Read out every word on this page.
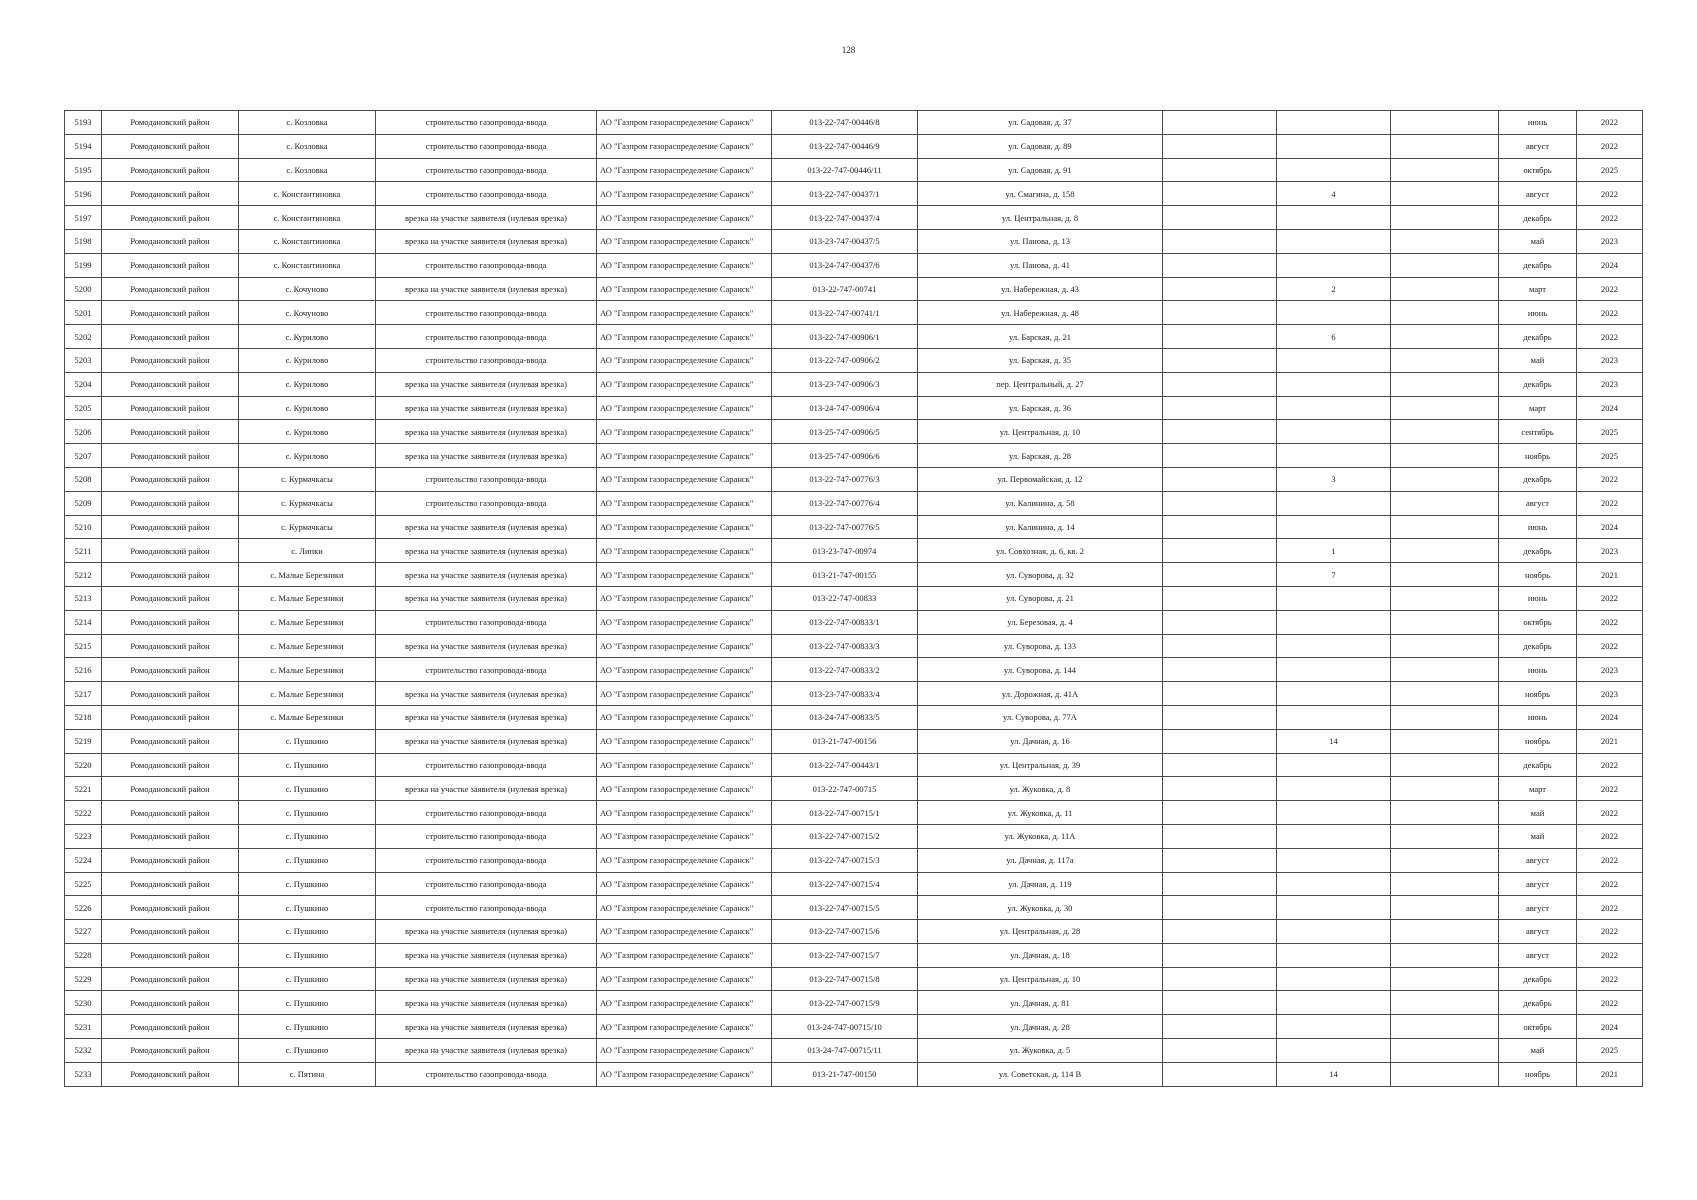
128
5193	Ромодановский район	с. Козловка	строительство газопровода-ввода	АО "Газпром газораспределение Саранск"	013-22-747-00446/8	ул. Садовая, д. 37				июнь	2022
5194	Ромодановский район	с. Козловка	строительство газопровода-ввода	АО "Газпром газораспределение Саранск"	013-22-747-00446/9	ул. Садовая, д. 89				август	2022
5195	Ромодановский район	с. Козловка	строительство газопровода-ввода	АО "Газпром газораспределение Саранск"	013-22-747-00446/11	ул. Садовая, д. 91				октябрь	2025
5196	Ромодановский район	с. Константиновка	строительство газопровода-ввода	АО "Газпром газораспределение Саранск"	013-22-747-00437/1	ул. Смагина, д. 158		4		август	2022
5197	Ромодановский район	с. Константиновка	врезка на участке заявителя (нулевая врезка)	АО "Газпром газораспределение Саранск"	013-22-747-00437/4	ул. Центральная, д. 8				декабрь	2022
5198	Ромодановский район	с. Константиновка	врезка на участке заявителя (нулевая врезка)	АО "Газпром газораспределение Саранск"	013-23-747-00437/5	ул. Панова, д. 13				май	2023
5199	Ромодановский район	с. Константиновка	строительство газопровода-ввода	АО "Газпром газораспределение Саранск"	013-24-747-00437/6	ул. Панова, д. 41				декабрь	2024
5200	Ромодановский район	с. Кочуново	врезка на участке заявителя (нулевая врезка)	АО "Газпром газораспределение Саранск"	013-22-747-00741	ул. Набережная, д. 43		2		март	2022
5201	Ромодановский район	с. Кочуново	строительство газопровода-ввода	АО "Газпром газораспределение Саранск"	013-22-747-00741/1	ул. Набережная, д. 48				июнь	2022
5202	Ромодановский район	с. Курилово	строительство газопровода-ввода	АО "Газпром газораспределение Саранск"	013-22-747-00906/1	ул. Барская, д. 21		6		декабрь	2022
5203	Ромодановский район	с. Курилово	строительство газопровода-ввода	АО "Газпром газораспределение Саранск"	013-22-747-00906/2	ул. Барская, д. 35				май	2023
5204	Ромодановский район	с. Курилово	врезка на участке заявителя (нулевая врезка)	АО "Газпром газораспределение Саранск"	013-23-747-00906/3	пер. Центральный, д. 27				декабрь	2023
5205	Ромодановский район	с. Курилово	врезка на участке заявителя (нулевая врезка)	АО "Газпром газораспределение Саранск"	013-24-747-00906/4	ул. Барская, д. 36				март	2024
5206	Ромодановский район	с. Курилово	врезка на участке заявителя (нулевая врезка)	АО "Газпром газораспределение Саранск"	013-25-747-00906/5	ул. Центральная, д. 10				сентябрь	2025
5207	Ромодановский район	с. Курилово	врезка на участке заявителя (нулевая врезка)	АО "Газпром газораспределение Саранск"	013-25-747-00906/6	ул. Барская, д. 28				ноябрь	2025
5208	Ромодановский район	с. Курмачкасы	строительство газопровода-ввода	АО "Газпром газораспределение Саранск"	013-22-747-00776/3	ул. Первомайская, д. 12		3		декабрь	2022
5209	Ромодановский район	с. Курмачкасы	строительство газопровода-ввода	АО "Газпром газораспределение Саранск"	013-22-747-00776/4	ул. Калинина, д. 58				август	2022
5210	Ромодановский район	с. Курмачкасы	врезка на участке заявителя (нулевая врезка)	АО "Газпром газораспределение Саранск"	013-22-747-00776/5	ул. Калинина, д. 14				июнь	2024
5211	Ромодановский район	с. Липки	врезка на участке заявителя (нулевая врезка)	АО "Газпром газораспределение Саранск"	013-23-747-00974	ул. Совхозная, д. 6, кв. 2		1		декабрь	2023
5212	Ромодановский район	с. Малые Березники	врезка на участке заявителя (нулевая врезка)	АО "Газпром газораспределение Саранск"	013-21-747-00155	ул. Суворова, д. 32		7		ноябрь	2021
5213	Ромодановский район	с. Малые Березники	врезка на участке заявителя (нулевая врезка)	АО "Газпром газораспределение Саранск"	013-22-747-00833	ул. Суворова, д. 21				июнь	2022
5214	Ромодановский район	с. Малые Березники	строительство газопровода-ввода	АО "Газпром газораспределение Саранск"	013-22-747-00833/1	ул. Березовая, д. 4				октябрь	2022
5215	Ромодановский район	с. Малые Березники	врезка на участке заявителя (нулевая врезка)	АО "Газпром газораспределение Саранск"	013-22-747-00833/3	ул. Суворова, д. 133				декабрь	2022
5216	Ромодановский район	с. Малые Березники	строительство газопровода-ввода	АО "Газпром газораспределение Саранск"	013-22-747-00833/2	ул. Суворова, д. 144				июнь	2023
5217	Ромодановский район	с. Малые Березники	врезка на участке заявителя (нулевая врезка)	АО "Газпром газораспределение Саранск"	013-23-747-00833/4	ул. Дорожная, д. 41А				ноябрь	2023
5218	Ромодановский район	с. Малые Березники	врезка на участке заявителя (нулевая врезка)	АО "Газпром газораспределение Саранск"	013-24-747-00833/5	ул. Суворова, д. 77А				июнь	2024
5219	Ромодановский район	с. Пушкино	врезка на участке заявителя (нулевая врезка)	АО "Газпром газораспределение Саранск"	013-21-747-00156	ул. Дачная, д. 16		14		ноябрь	2021
5220	Ромодановский район	с. Пушкино	строительство газопровода-ввода	АО "Газпром газораспределение Саранск"	013-22-747-00443/1	ул. Центральная, д. 39				декабрь	2022
5221	Ромодановский район	с. Пушкино	врезка на участке заявителя (нулевая врезка)	АО "Газпром газораспределение Саранск"	013-22-747-00715	ул. Жуковка, д. 8				март	2022
5222	Ромодановский район	с. Пушкино	строительство газопровода-ввода	АО "Газпром газораспределение Саранск"	013-22-747-00715/1	ул. Жуковка, д. 11				май	2022
5223	Ромодановский район	с. Пушкино	строительство газопровода-ввода	АО "Газпром газораспределение Саранск"	013-22-747-00715/2	ул. Жуковка, д. 11А				май	2022
5224	Ромодановский район	с. Пушкино	строительство газопровода-ввода	АО "Газпром газораспределение Саранск"	013-22-747-00715/3	ул. Дачная, д. 117а				август	2022
5225	Ромодановский район	с. Пушкино	строительство газопровода-ввода	АО "Газпром газораспределение Саранск"	013-22-747-00715/4	ул. Дачная, д. 119				август	2022
5226	Ромодановский район	с. Пушкино	строительство газопровода-ввода	АО "Газпром газораспределение Саранск"	013-22-747-00715/5	ул. Жуковка, д. 30				август	2022
5227	Ромодановский район	с. Пушкино	врезка на участке заявителя (нулевая врезка)	АО "Газпром газораспределение Саранск"	013-22-747-00715/6	ул. Центральная, д. 28				август	2022
5228	Ромодановский район	с. Пушкино	врезка на участке заявителя (нулевая врезка)	АО "Газпром газораспределение Саранск"	013-22-747-00715/7	ул. Дачная, д. 18				август	2022
5229	Ромодановский район	с. Пушкино	врезка на участке заявителя (нулевая врезка)	АО "Газпром газораспределение Саранск"	013-22-747-00715/8	ул. Центральная, д. 10				декабрь	2022
5230	Ромодановский район	с. Пушкино	врезка на участке заявителя (нулевая врезка)	АО "Газпром газораспределение Саранск"	013-22-747-00715/9	ул. Дачная, д. 81				декабрь	2022
5231	Ромодановский район	с. Пушкино	врезка на участке заявителя (нулевая врезка)	АО "Газпром газораспределение Саранск"	013-24-747-00715/10	ул. Дачная, д. 28				октябрь	2024
5232	Ромодановский район	с. Пушкино	врезка на участке заявителя (нулевая врезка)	АО "Газпром газораспределение Саранск"	013-24-747-00715/11	ул. Жуковка, д. 5				май	2025
5233	Ромодановский район	с. Пятина	строительство газопровода-ввода	АО "Газпром газораспределение Саранск"	013-21-747-00150	ул. Советская, д. 114 В		14		ноябрь	2021
